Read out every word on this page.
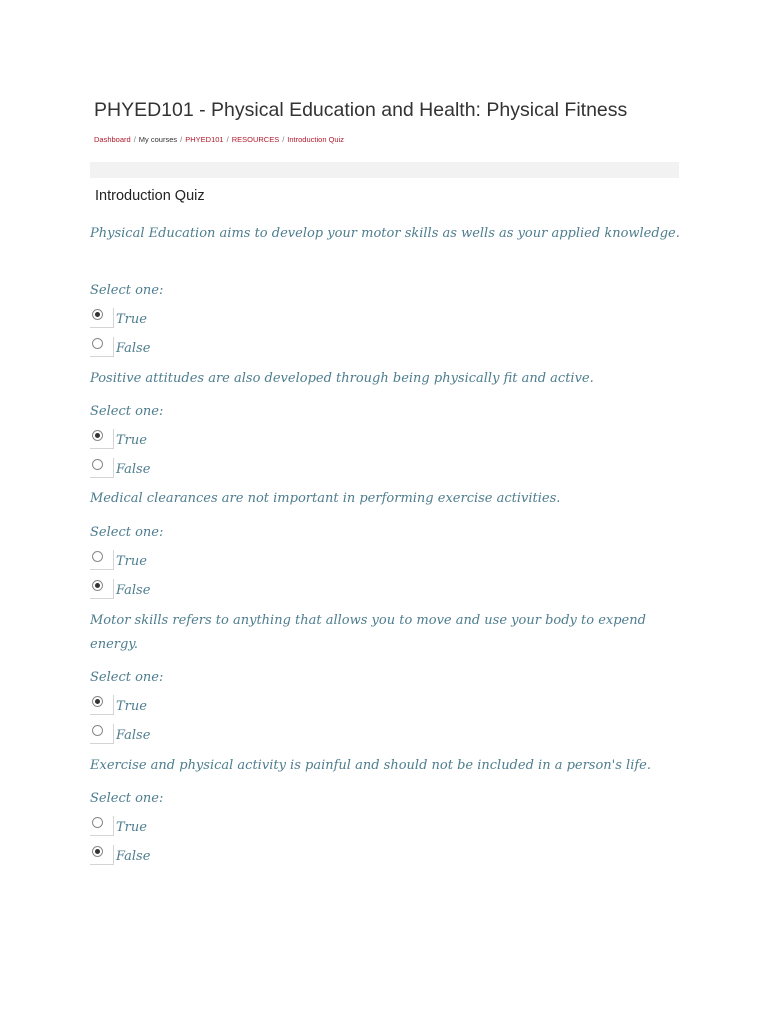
PHYED101 - Physical Education and Health: Physical Fitness
Dashboard / My courses / PHYED101 / RESOURCES / Introduction Quiz
Introduction Quiz
Physical Education aims to develop your motor skills as wells as your applied knowledge.
Select one:
True
False
Positive attitudes are also developed through being physically fit and active.
Select one:
True
False
Medical clearances are not important in performing exercise activities.
Select one:
True
False
Motor skills refers to anything that allows you to move and use your body to expend energy.
Select one:
True
False
Exercise and physical activity is painful and should not be included in a person's life.
Select one:
True
False
